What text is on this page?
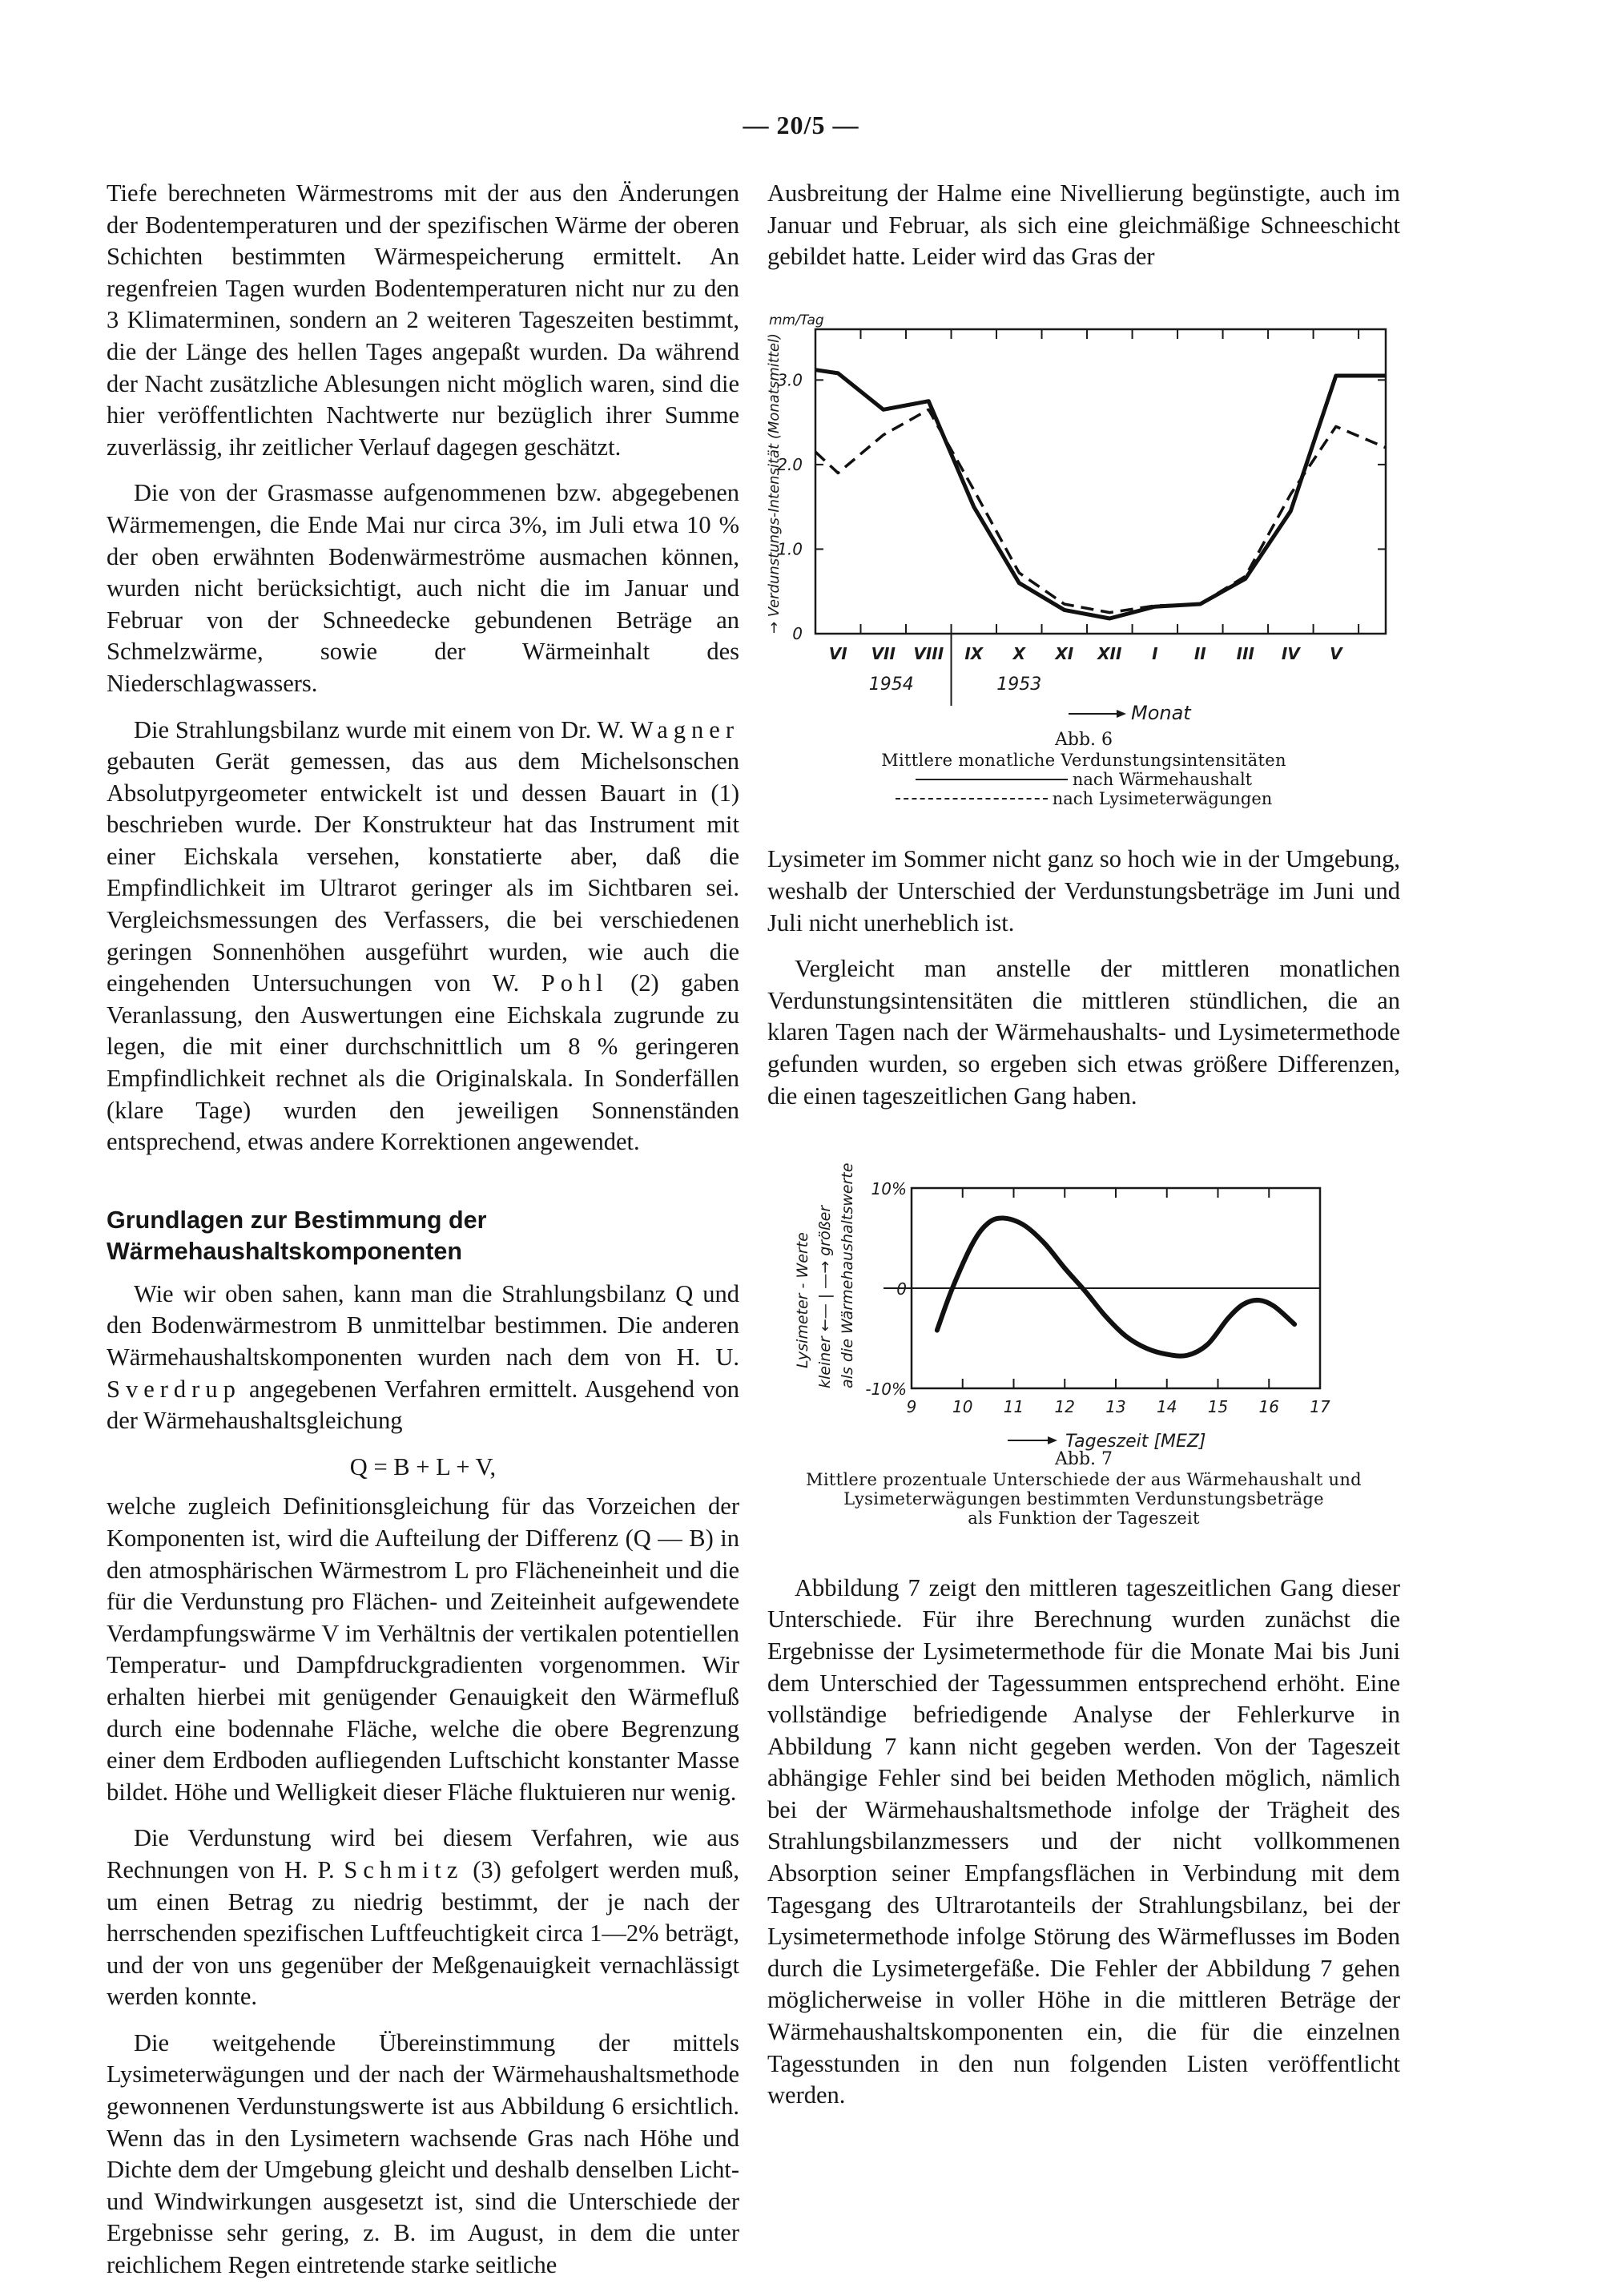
— 20/5 —

Tiefe berechneten Wärmestroms mit der aus den Änderungen der Bodentemperaturen und der spezifischen Wärme der oberen Schichten bestimmten Wärmespeicherung ermittelt. An regenfreien Tagen wurden Bodentemperaturen nicht nur zu den 3 Klimaterminen, sondern an 2 weiteren Tageszeiten bestimmt, die der Länge des hellen Tages angepaßt wurden. Da während der Nacht zusätzliche Ablesungen nicht möglich waren, sind die hier veröffentlichten Nachtwerte nur bezüglich ihrer Summe zuverlässig, ihr zeitlicher Verlauf dagegen geschätzt.

Die von der Grasmasse aufgenommenen bzw. abgegebenen Wärmemengen, die Ende Mai nur circa 3%, im Juli etwa 10 % der oben erwähnten Bodenwärmeströme ausmachen können, wurden nicht berücksichtigt, auch nicht die im Januar und Februar von der Schneedecke gebundenen Beträge an Schmelzwärme, sowie der Wärmeinhalt des Niederschlagwassers.

Die Strahlungsbilanz wurde mit einem von Dr. W. Wagner gebauten Gerät gemessen, das aus dem Michelsonschen Absolutpyrgeometer entwickelt ist und dessen Bauart in (1) beschrieben wurde. Der Konstrukteur hat das Instrument mit einer Eichskala versehen, konstatierte aber, daß die Empfindlichkeit im Ultrarot geringer als im Sichtbaren sei. Vergleichsmessungen des Verfassers, die bei verschiedenen geringen Sonnenhöhen ausgeführt wurden, wie auch die eingehenden Untersuchungen von W. Pohl (2) gaben Veranlassung, den Auswertungen eine Eichskala zugrunde zu legen, die mit einer durchschnittlich um 8 % geringeren Empfindlichkeit rechnet als die Originalskala. In Sonderfällen (klare Tage) wurden den jeweiligen Sonnenständen entsprechend, etwas andere Korrektionen angewendet.

Grundlagen zur Bestimmung der Wärmehaushaltskomponenten

Wie wir oben sahen, kann man die Strahlungsbilanz Q und den Bodenwärmestrom B unmittelbar bestimmen. Die anderen Wärmehaushaltskomponenten wurden nach dem von H. U. Sverdrup angegebenen Verfahren ermittelt. Ausgehend von der Wärmehaushaltsgleichung

Q = B + L + V,

welche zugleich Definitionsgleichung für das Vorzeichen der Komponenten ist, wird die Aufteilung der Differenz (Q — B) in den atmosphärischen Wärmestrom L pro Flächeneinheit und die für die Verdunstung pro Flächen- und Zeiteinheit aufgewendete Verdampfungswärme V im Verhältnis der vertikalen potentiellen Temperatur- und Dampfdruckgradienten vorgenommen. Wir erhalten hierbei mit genügender Genauigkeit den Wärmefluß durch eine bodennahe Fläche, welche die obere Begrenzung einer dem Erdboden aufliegenden Luftschicht konstanter Masse bildet. Höhe und Welligkeit dieser Fläche fluktuieren nur wenig.

Die Verdunstung wird bei diesem Verfahren, wie aus Rechnungen von H. P. Schmitz (3) gefolgert werden muß, um einen Betrag zu niedrig bestimmt, der je nach der herrschenden spezifischen Luftfeuchtigkeit circa 1—2% beträgt, und der von uns gegenüber der Meßgenauigkeit vernachlässigt werden konnte.

Die weitgehende Übereinstimmung der mittels Lysimeterwägungen und der nach der Wärmehaushaltsmethode gewonnenen Verdunstungswerte ist aus Abbildung 6 ersichtlich. Wenn das in den Lysimetern wachsende Gras nach Höhe und Dichte dem der Umgebung gleicht und deshalb denselben Licht- und Windwirkungen ausgesetzt ist, sind die Unterschiede der Ergebnisse sehr gering, z. B. im August, in dem die unter reichlichem Regen eintretende starke seitliche

Ausbreitung der Halme eine Nivellierung begünstigte, auch im Januar und Februar, als sich eine gleichmäßige Schneeschicht gebildet hatte. Leider wird das Gras der

mm/Tag
0
1.0
2.0
3.0
VI VII VIII IX X XI XII I II III IV V
1954	1953
Monat
→ Verdunstungs-Intensität (Monatsmittel)
Abb. 6
Mittlere monatliche Verdunstungsintensitäten
nach Wärmehaushalt
nach Lysimeterwägungen

Lysimeter im Sommer nicht ganz so hoch wie in der Umgebung, weshalb der Unterschied der Verdunstungsbeträge im Juni und Juli nicht unerheblich ist.

Vergleicht man anstelle der mittleren monatlichen Verdunstungsintensitäten die mittleren stündlichen, die an klaren Tagen nach der Wärmehaushalts- und Lysimetermethode gefunden wurden, so ergeben sich etwas größere Differenzen, die einen tageszeitlichen Gang haben.

-10%
0
10%
9 10 11 12 13 14 15 16 17
Tageszeit [MEZ]
Lysimeter - Werte kleiner ←— | —→ größer als die Wärmehaushaltswerte
Abb. 7
Mittlere prozentuale Unterschiede der aus Wärmehaushalt und
Lysimeterwägungen bestimmten Verdunstungsbeträge
als Funktion der Tageszeit

Abbildung 7 zeigt den mittleren tageszeitlichen Gang dieser Unterschiede. Für ihre Berechnung wurden zunächst die Ergebnisse der Lysimetermethode für die Monate Mai bis Juni dem Unterschied der Tagessummen entsprechend erhöht. Eine vollständige befriedigende Analyse der Fehlerkurve in Abbildung 7 kann nicht gegeben werden. Von der Tageszeit abhängige Fehler sind bei beiden Methoden möglich, nämlich bei der Wärmehaushaltsmethode infolge der Trägheit des Strahlungsbilanzmessers und der nicht vollkommenen Absorption seiner Empfangsflächen in Verbindung mit dem Tagesgang des Ultrarotanteils der Strahlungsbilanz, bei der Lysimetermethode infolge Störung des Wärmeflusses im Boden durch die Lysimetergefäße. Die Fehler der Abbildung 7 gehen möglicherweise in voller Höhe in die mittleren Beträge der Wärmehaushaltskomponenten ein, die für die einzelnen Tagesstunden in den nun folgenden Listen veröffentlicht werden.
